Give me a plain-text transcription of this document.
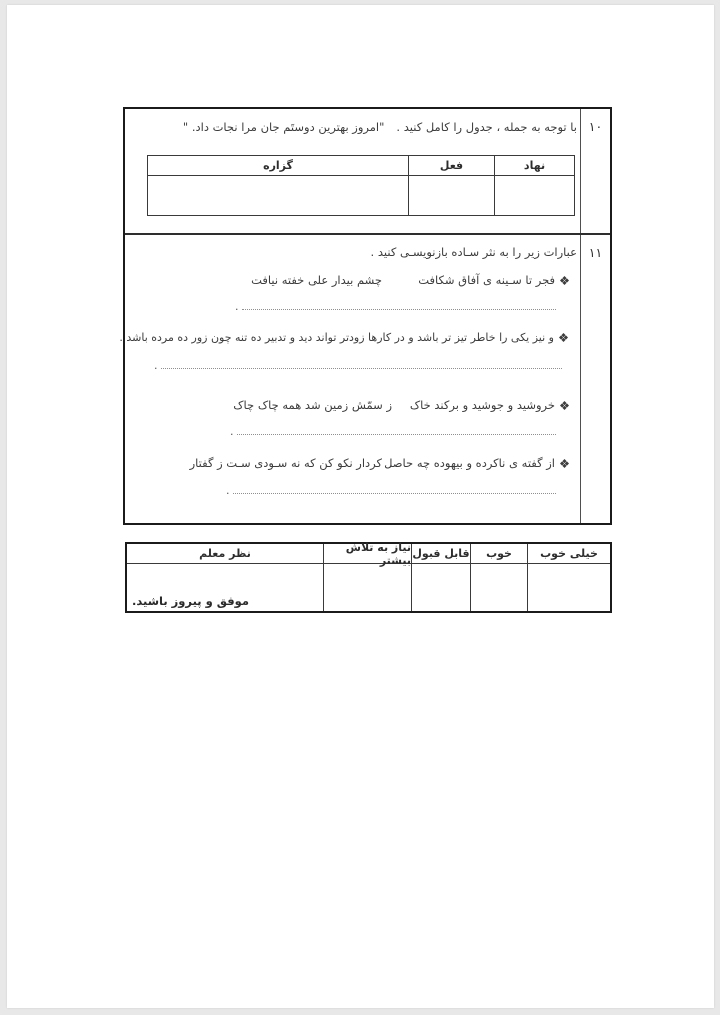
با توجه به جمله ، جدول را کامل کنید ."امروز بهترین دوستَم جان مرا نجات داد. "
نهاد
فعل
گزاره
۱۰
عبارات زیر را به نثر سـاده بازنویسـی کنید .
فجر تا سـینه ی آفاق شکافت
چشم بیدار علی خفته نیافت
.
و نیز یکی را خاطر تیز تر باشد و در کارها زودتر تواند دید و تدبیر ده تنه چون زور ده مرده باشد .
.
خروشید و جوشید و برکند خاک
ز سمّش زمین شد همه چاک چاک
.
از گفته ی ناکرده و بیهوده چه حاصل
کردار نکو کن که نه سـودی سـت ز گفتار
.
۱۱
خیلی خوب
خوب
قابل قبول
نیاز به تلاش بیشتر
نظر معلم
موفق و پیروز باشید.
